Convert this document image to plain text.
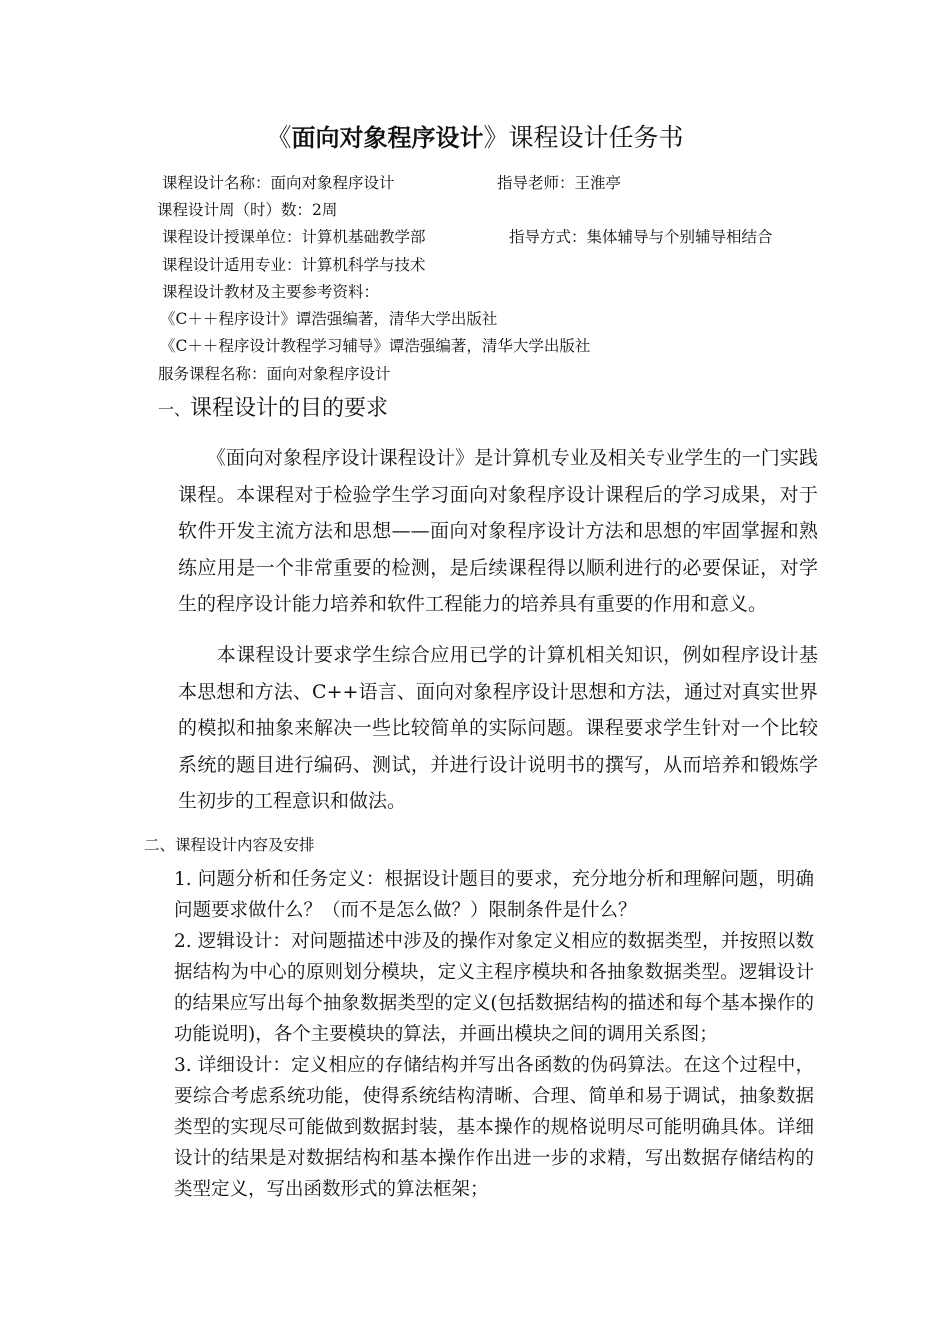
《面向对象程序设计》课程设计任务书
课程设计名称：面向对象程序设计	指导老师：王淮亭
课程设计周（时）数：2周
课程设计授课单位：计算机基础教学部	指导方式：集体辅导与个别辅导相结合
课程设计适用专业：计算机科学与技术
课程设计教材及主要参考资料：
《C＋＋程序设计》谭浩强编著，清华大学出版社
《C＋＋程序设计教程学习辅导》谭浩强编著，清华大学出版社
服务课程名称：面向对象程序设计
一、课程设计的目的要求

　　《面向对象程序设计课程设计》是计算机专业及相关专业学生的一门实践课程。本课程对于检验学生学习面向对象程序设计课程后的学习成果，对于软件开发主流方法和思想——面向对象程序设计方法和思想的牢固掌握和熟练应用是一个非常重要的检测，是后续课程得以顺利进行的必要保证，对学生的程序设计能力培养和软件工程能力的培养具有重要的作用和意义。

　　本课程设计要求学生综合应用已学的计算机相关知识，例如程序设计基本思想和方法、C++语言、面向对象程序设计思想和方法，通过对真实世界的模拟和抽象来解决一些比较简单的实际问题。课程要求学生针对一个比较系统的题目进行编码、测试，并进行设计说明书的撰写，从而培养和锻炼学生初步的工程意识和做法。

二、课程设计内容及安排

1. 问题分析和任务定义：根据设计题目的要求，充分地分析和理解问题，明确问题要求做什么？（而不是怎么做？）限制条件是什么？

2. 逻辑设计：对问题描述中涉及的操作对象定义相应的数据类型，并按照以数据结构为中心的原则划分模块，定义主程序模块和各抽象数据类型。逻辑设计的结果应写出每个抽象数据类型的定义(包括数据结构的描述和每个基本操作的功能说明)，各个主要模块的算法，并画出模块之间的调用关系图；

3. 详细设计：定义相应的存储结构并写出各函数的伪码算法。在这个过程中，要综合考虑系统功能，使得系统结构清晰、合理、简单和易于调试，抽象数据类型的实现尽可能做到数据封装，基本操作的规格说明尽可能明确具体。详细设计的结果是对数据结构和基本操作作出进一步的求精，写出数据存储结构的类型定义，写出函数形式的算法框架；
